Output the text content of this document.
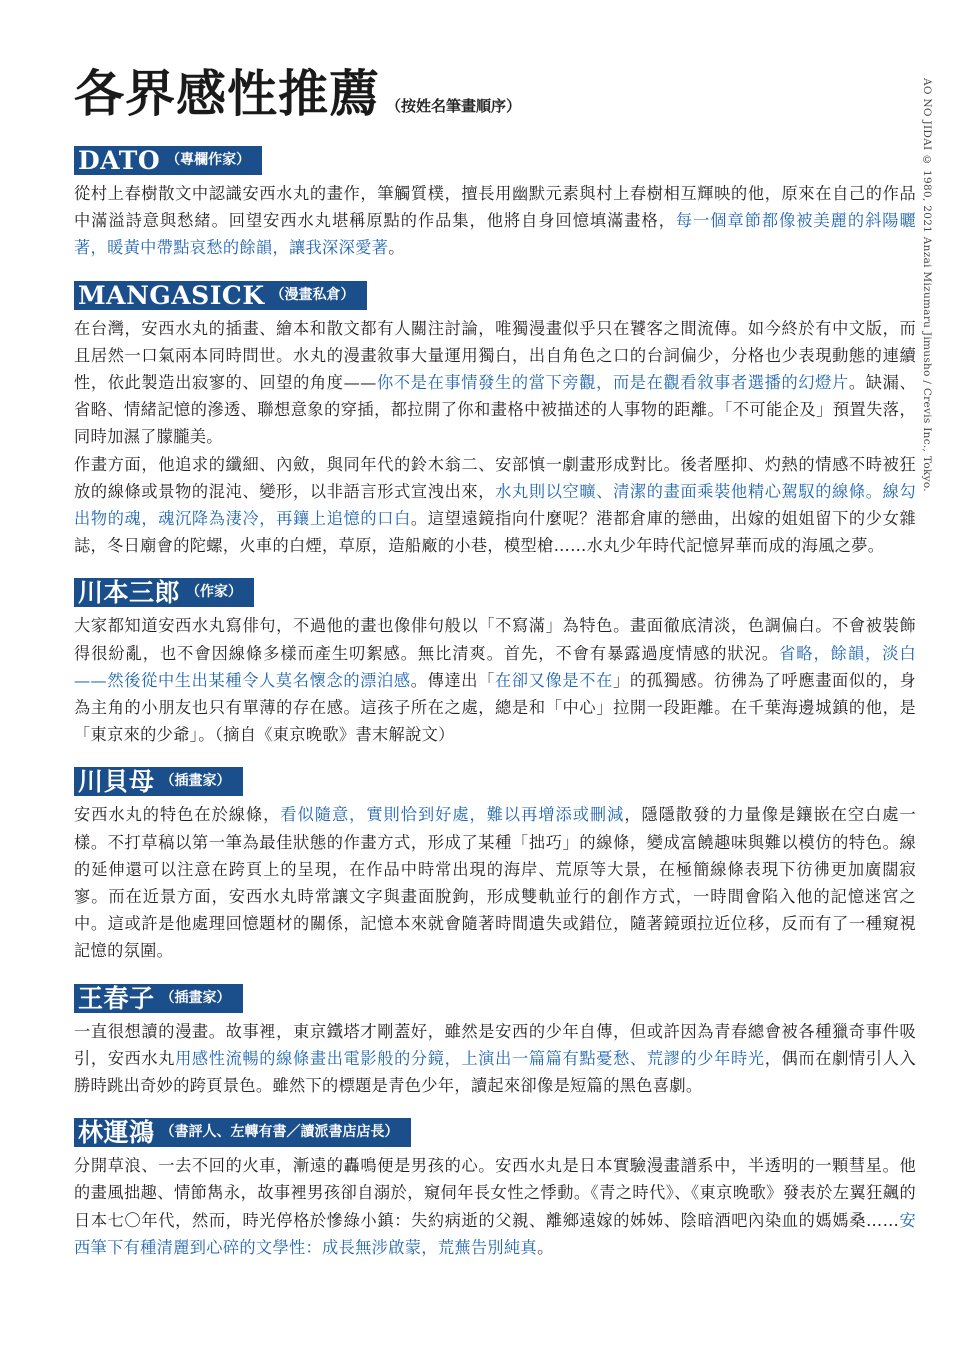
各界感性推薦 （按姓名筆畫順序）
DATO （專欄作家）

從村上春樹散文中認識安西水丸的畫作，筆觸質樸，擅長用幽默元素與村上春樹相互輝映的他，原來在自己的作品中滿溢詩意與愁緒。回望安西水丸堪稱原點的作品集，他將自身回憶填滿畫格，每一個章節都像被美麗的斜陽曬著，暖黃中帶點哀愁的餘韻，讓我深深愛著。

MANGASICK （漫畫私倉）

在台灣，安西水丸的插畫、繪本和散文都有人關注討論，唯獨漫畫似乎只在饕客之間流傳。如今終於有中文版，而且居然一口氣兩本同時問世。水丸的漫畫敘事大量運用獨白，出自角色之口的台詞偏少，分格也少表現動態的連續性，依此製造出寂寥的、回望的角度——你不是在事情發生的當下旁觀，而是在觀看敘事者選播的幻燈片。缺漏、省略、情緒記憶的滲透、聯想意象的穿插，都拉開了你和畫格中被描述的人事物的距離。「不可能企及」預置失落，同時加濕了朦朧美。

作畫方面，他追求的纖細、內斂，與同年代的鈴木翁二、安部慎一劇畫形成對比。後者壓抑、灼熱的情感不時被狂放的線條或景物的混沌、變形，以非語言形式宣洩出來，水丸則以空曠、清潔的畫面乘裝他精心駕馭的線條。線勾出物的魂，魂沉降為淒冷，再鑲上追憶的口白。這望遠鏡指向什麼呢？港都倉庫的戀曲，出嫁的姐姐留下的少女雜誌，冬日廟會的陀螺，火車的白煙，草原，造船廠的小巷，模型槍……水丸少年時代記憶昇華而成的海風之夢。

川本三郎 （作家）

大家都知道安西水丸寫俳句，不過他的畫也像俳句般以「不寫滿」為特色。畫面徹底清淡，色調偏白。不會被裝飾得很紛亂，也不會因線條多樣而產生叨絮感。無比清爽。首先，不會有暴露過度情感的狀況。省略，餘韻，淡白——然後從中生出某種令人莫名懷念的漂泊感。傳達出「在卻又像是不在」的孤獨感。彷彿為了呼應畫面似的，身為主角的小朋友也只有單薄的存在感。這孩子所在之處，總是和「中心」拉開一段距離。在千葉海邊城鎮的他，是「東京來的少爺」。（摘自《東京晚歌》書末解說文）

川貝母 （插畫家）

安西水丸的特色在於線條，看似隨意，實則恰到好處，難以再增添或刪減，隱隱散發的力量像是鑲嵌在空白處一樣。不打草稿以第一筆為最佳狀態的作畫方式，形成了某種「拙巧」的線條，變成富饒趣味與難以模仿的特色。線的延伸還可以注意在跨頁上的呈現，在作品中時常出現的海岸、荒原等大景，在極簡線條表現下彷彿更加廣闊寂寥。而在近景方面，安西水丸時常讓文字與畫面脫鉤，形成雙軌並行的創作方式，一時間會陷入他的記憶迷宮之中。這或許是他處理回憶題材的關係，記憶本來就會隨著時間遺失或錯位，隨著鏡頭拉近位移，反而有了一種窺視記憶的氛圍。

王春子 （插畫家）

一直很想讀的漫畫。故事裡，東京鐵塔才剛蓋好，雖然是安西的少年自傳，但或許因為青春總會被各種獵奇事件吸引，安西水丸用感性流暢的線條畫出電影般的分鏡，上演出一篇篇有點憂愁、荒謬的少年時光，偶而在劇情引人入勝時跳出奇妙的跨頁景色。雖然下的標題是青色少年，讀起來卻像是短篇的黑色喜劇。

林運鴻 （書評人、左轉有書／讀派書店店長）

分開草浪、一去不回的火車，漸遠的轟鳴便是男孩的心。安西水丸是日本實驗漫畫譜系中，半透明的一顆彗星。他的畫風拙趣、情節雋永，故事裡男孩卻自溺於，窺伺年長女性之悸動。《青之時代》、《東京晚歌》發表於左翼狂飆的日本七〇年代，然而，時光停格於慘綠小鎮：失約病逝的父親、離鄉遠嫁的姊姊、陰暗酒吧內染血的媽媽桑……安西筆下有種清麗到心碎的文學性：成長無涉啟蒙，荒蕪告別純真。

AO NO JIDAI © 1980, 2021 Anzai Mizumaru Jimusho / Crevis Inc., Tokyo.
